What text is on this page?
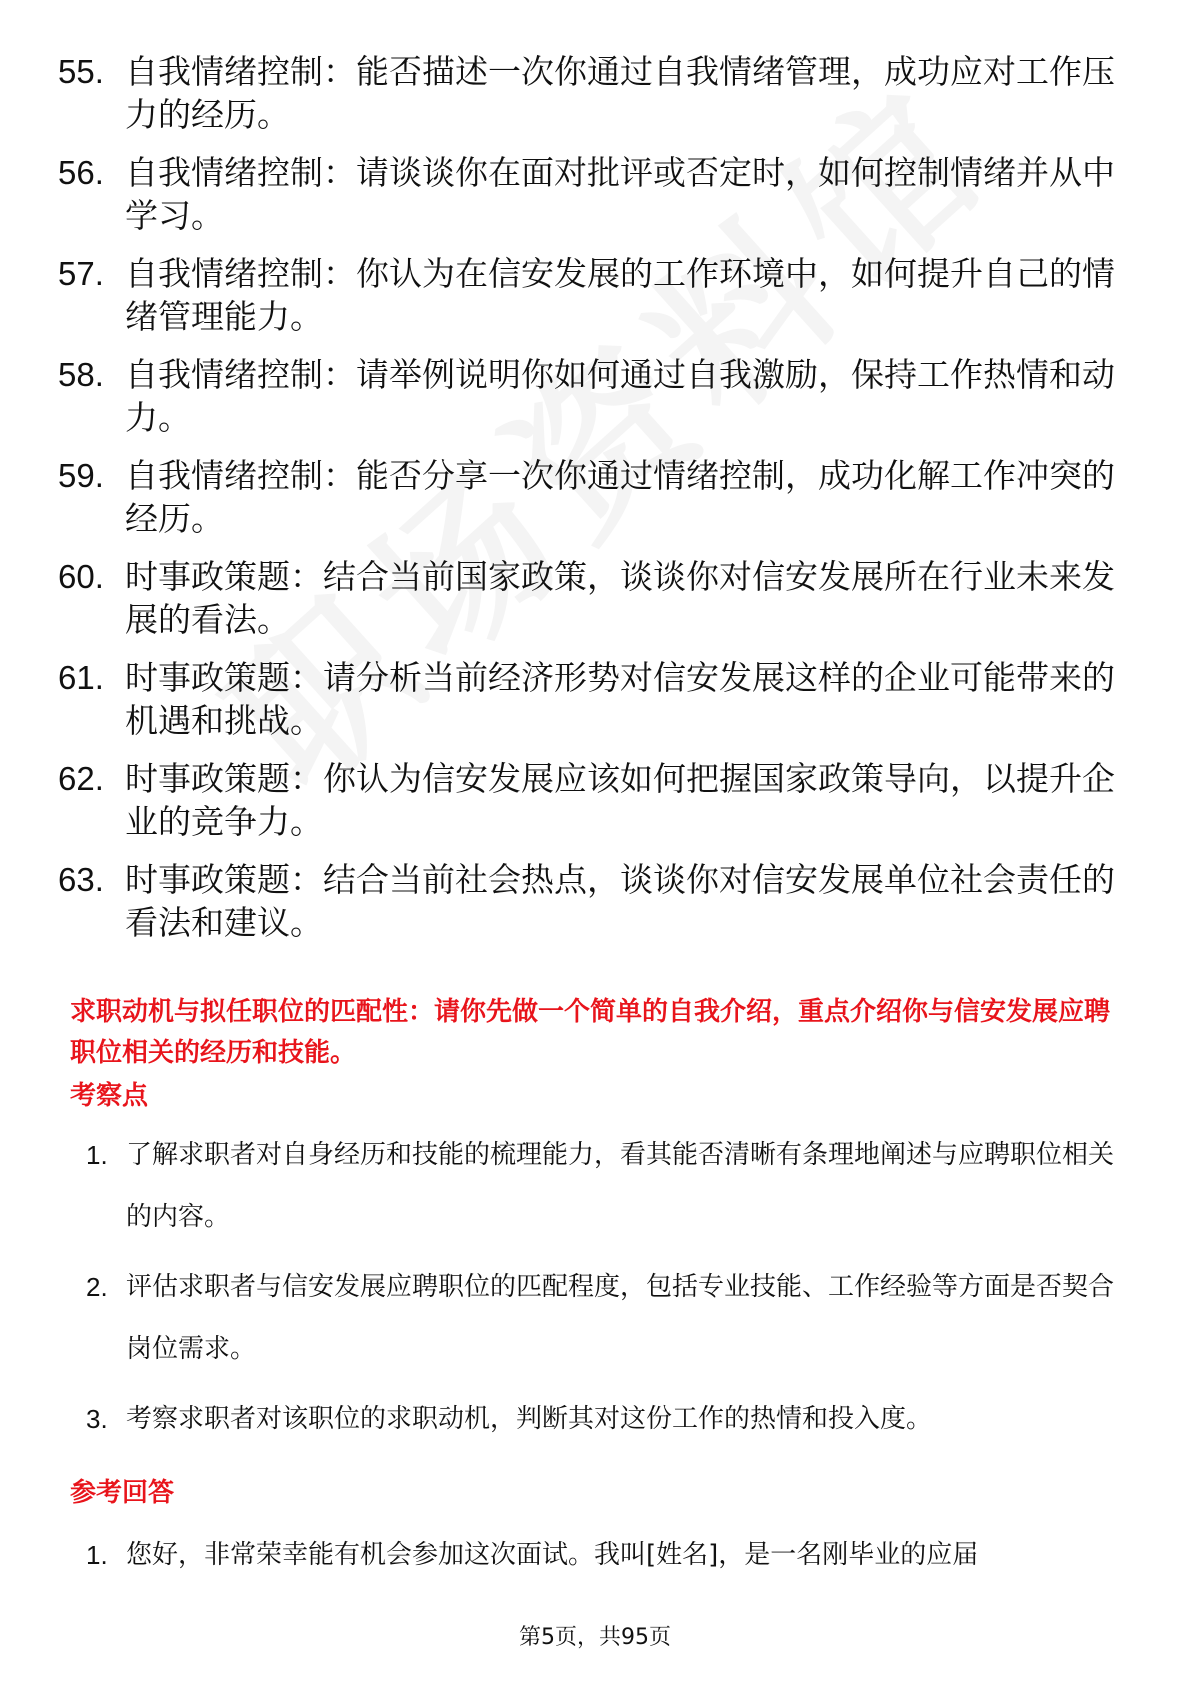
55. 自我情绪控制：能否描述一次你通过自我情绪管理，成功应对工作压力的经历。
56. 自我情绪控制：请谈谈你在面对批评或否定时，如何控制情绪并从中学习。
57. 自我情绪控制：你认为在信安发展的工作环境中，如何提升自己的情绪管理能力。
58. 自我情绪控制：请举例说明你如何通过自我激励，保持工作热情和动力。
59. 自我情绪控制：能否分享一次你通过情绪控制，成功化解工作冲突的经历。
60. 时事政策题：结合当前国家政策，谈谈你对信安发展所在行业未来发展的看法。
61. 时事政策题：请分析当前经济形势对信安发展这样的企业可能带来的机遇和挑战。
62. 时事政策题：你认为信安发展应该如何把握国家政策导向，以提升企业的竞争力。
63. 时事政策题：结合当前社会热点，谈谈你对信安发展单位社会责任的看法和建议。
求职动机与拟任职位的匹配性：请你先做一个简单的自我介绍，重点介绍你与信安发展应聘职位相关的经历和技能。
考察点
1. 了解求职者对自身经历和技能的梳理能力，看其能否清晰有条理地阐述与应聘职位相关的内容。
2. 评估求职者与信安发展应聘职位的匹配程度，包括专业技能、工作经验等方面是否契合岗位需求。
3. 考察求职者对该职位的求职动机，判断其对这份工作的热情和投入度。
参考回答
1. 您好，非常荣幸能有机会参加这次面试。我叫[姓名]，是一名刚毕业的应届
第5页，共95页
